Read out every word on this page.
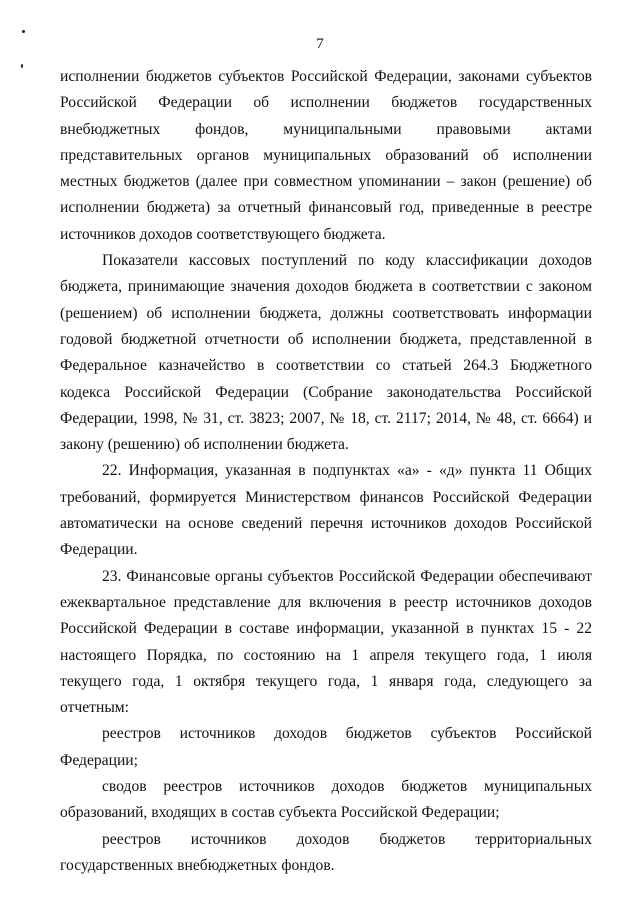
7

исполнении бюджетов субъектов Российской Федерации, законами субъектов Российской Федерации об исполнении бюджетов государственных внебюджетных фондов, муниципальными правовыми актами представительных органов муниципальных образований об исполнении местных бюджетов (далее при совместном упоминании – закон (решение) об исполнении бюджета) за отчетный финансовый год, приведенные в реестре источников доходов соответствующего бюджета.

Показатели кассовых поступлений по коду классификации доходов бюджета, принимающие значения доходов бюджета в соответствии с законом (решением) об исполнении бюджета, должны соответствовать информации годовой бюджетной отчетности об исполнении бюджета, представленной в Федеральное казначейство в соответствии со статьей 264.3 Бюджетного кодекса Российской Федерации (Собрание законодательства Российской Федерации, 1998, № 31, ст. 3823; 2007, № 18, ст. 2117; 2014, № 48, ст. 6664) и закону (решению) об исполнении бюджета.

22. Информация, указанная в подпунктах «а» - «д» пункта 11 Общих требований, формируется Министерством финансов Российской Федерации автоматически на основе сведений перечня источников доходов Российской Федерации.

23. Финансовые органы субъектов Российской Федерации обеспечивают ежеквартальное представление для включения в реестр источников доходов Российской Федерации в составе информации, указанной в пунктах 15 - 22 настоящего Порядка, по состоянию на 1 апреля текущего года, 1 июля текущего года, 1 октября текущего года, 1 января года, следующего за отчетным:

реестров источников доходов бюджетов субъектов Российской Федерации;

сводов реестров источников доходов бюджетов муниципальных образований, входящих в состав субъекта Российской Федерации;

реестров источников доходов бюджетов территориальных государственных внебюджетных фондов.
